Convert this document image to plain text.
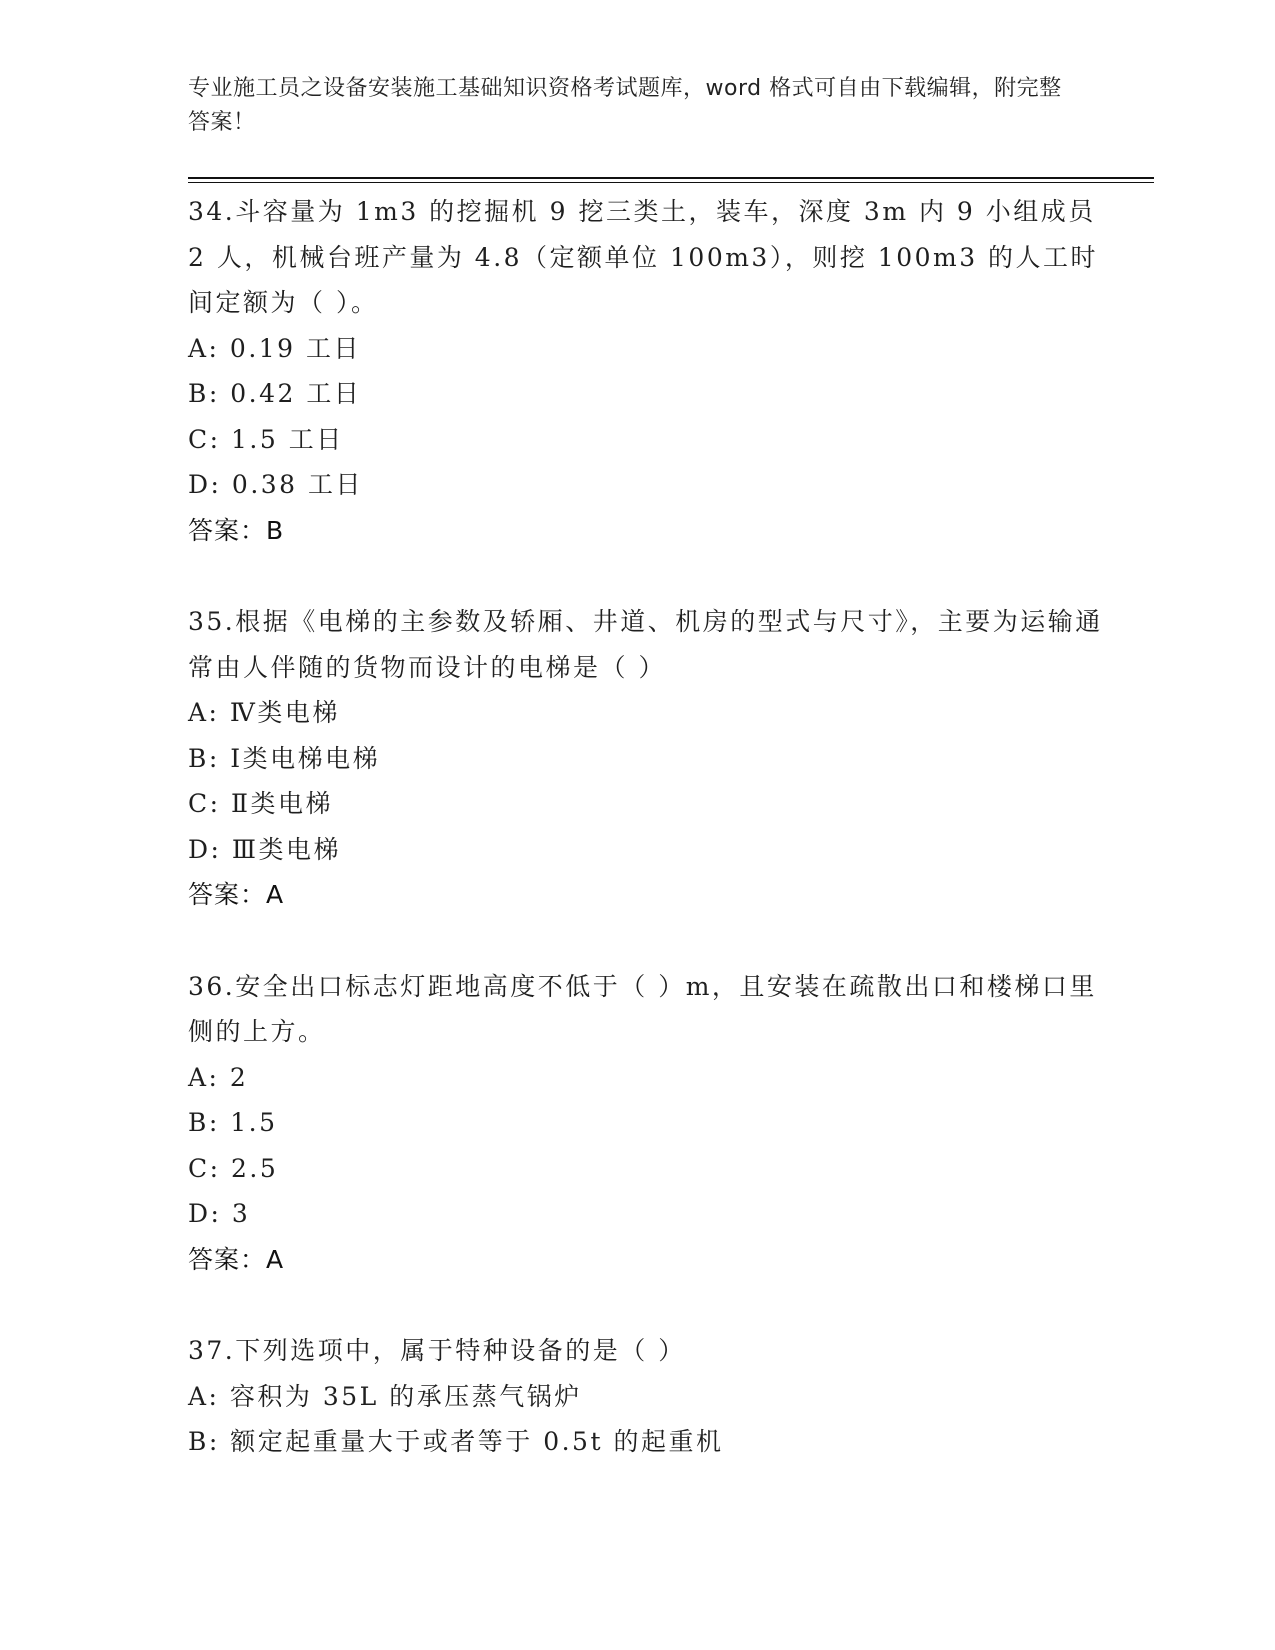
专业施工员之设备安装施工基础知识资格考试题库，word 格式可自由下载编辑，附完整答案！
34.斗容量为 1m3 的挖掘机 9 挖三类土，装车，深度 3m 内 9 小组成员 2 人，机械台班产量为 4.8（定额单位 100m3），则挖 100m3 的人工时间定额为（ ）。
A: 0.19 工日
B: 0.42 工日
C: 1.5 工日
D: 0.38 工日
答案：B
35.根据《电梯的主参数及轿厢、井道、机房的型式与尺寸》，主要为运输通常由人伴随的货物而设计的电梯是（ ）
A: Ⅳ类电梯
B: Ⅰ类电梯电梯
C: Ⅱ类电梯
D: Ⅲ类电梯
答案：A
36.安全出口标志灯距地高度不低于（ ）m，且安装在疏散出口和楼梯口里侧的上方。
A: 2
B: 1.5
C: 2.5
D: 3
答案：A
37.下列选项中，属于特种设备的是（ ）
A: 容积为 35L 的承压蒸气锅炉
B: 额定起重量大于或者等于 0.5t 的起重机
